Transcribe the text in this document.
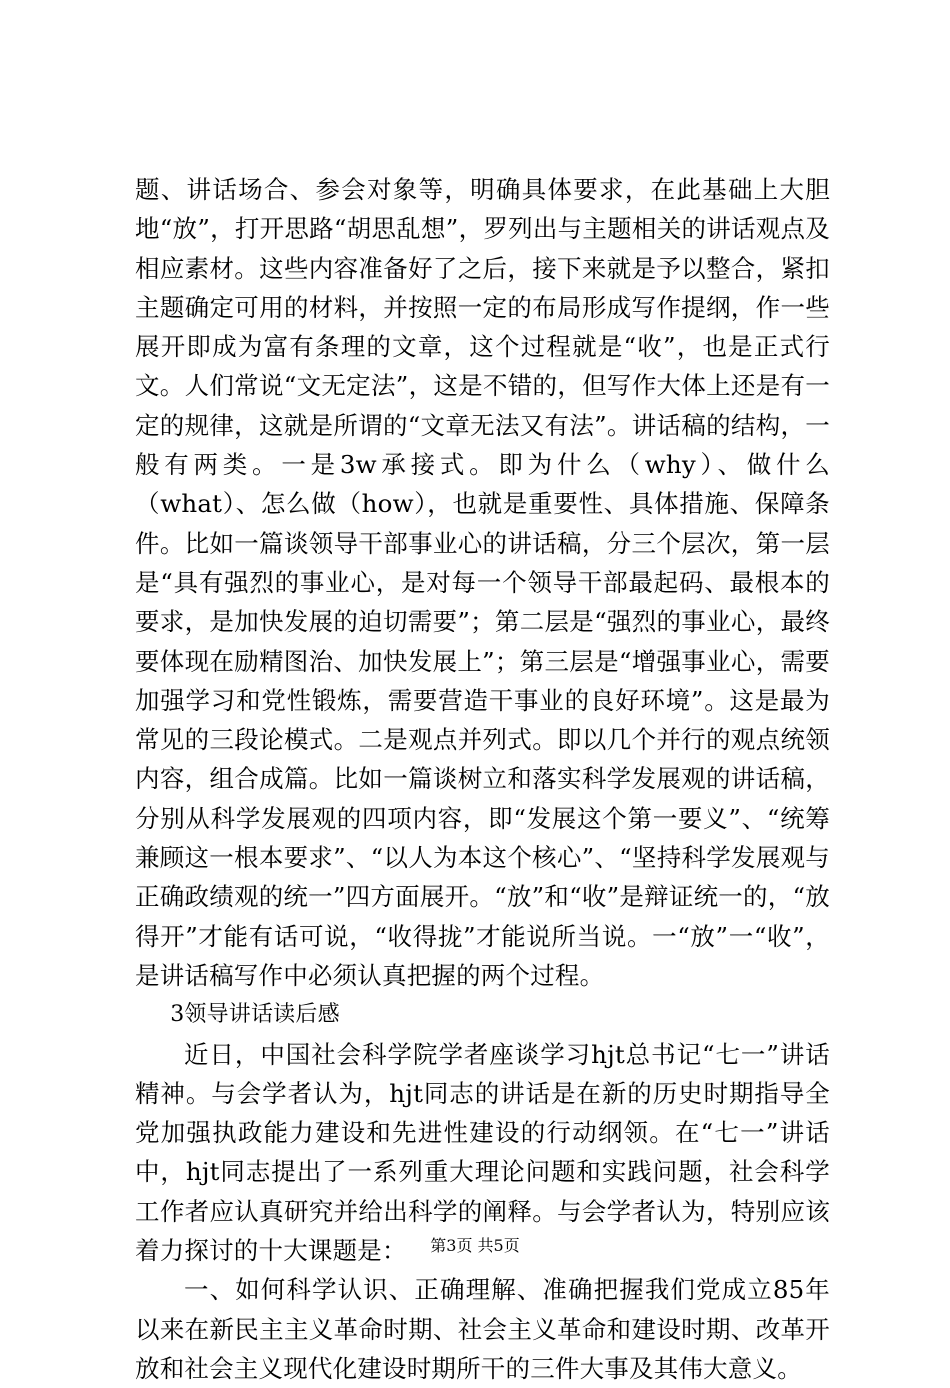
题、讲话场合、参会对象等，明确具体要求，在此基础上大胆地“放”，打开思路“胡思乱想”，罗列出与主题相关的讲话观点及相应素材。这些内容准备好了之后，接下来就是予以整合，紧扣主题确定可用的材料，并按照一定的布局形成写作提纲，作一些展开即成为富有条理的文章，这个过程就是“收”，也是正式行文。人们常说“文无定法”，这是不错的，但写作大体上还是有一定的规律，这就是所谓的“文章无法又有法”。讲话稿的结构，一般有两类。一是3w承接式。即为什么（why）、做什么（what）、怎么做（how），也就是重要性、具体措施、保障条件。比如一篇谈领导干部事业心的讲话稿，分三个层次，第一层是“具有强烈的事业心，是对每一个领导干部最起码、最根本的要求，是加快发展的迫切需要”；第二层是“强烈的事业心，最终要体现在励精图治、加快发展上”；第三层是“增强事业心，需要加强学习和党性锻炼，需要营造干事业的良好环境”。这是最为常见的三段论模式。二是观点并列式。即以几个并行的观点统领内容，组合成篇。比如一篇谈树立和落实科学发展观的讲话稿，分别从科学发展观的四项内容，即“发展这个第一要义”、“统筹兼顾这一根本要求”、“以人为本这个核心”、“坚持科学发展观与正确政绩观的统一”四方面展开。“放”和“收”是辩证统一的，“放得开”才能有话可说，“收得拢”才能说所当说。一“放”一“收”，是讲话稿写作中必须认真把握的两个过程。

3领导讲话读后感

近日，中国社会科学院学者座谈学习hjt总书记“七一”讲话精神。与会学者认为，hjt同志的讲话是在新的历史时期指导全党加强执政能力建设和先进性建设的行动纲领。在“七一”讲话中，hjt同志提出了一系列重大理论问题和实践问题，社会科学工作者应认真研究并给出科学的阐释。与会学者认为，特别应该着力探讨的十大课题是：

一、如何科学认识、正确理解、准确把握我们党成立85年以来在新民主主义革命时期、社会主义革命和建设时期、改革开放和社会主义现代化建设时期所干的三件大事及其伟大意义。

第3页 共5页
